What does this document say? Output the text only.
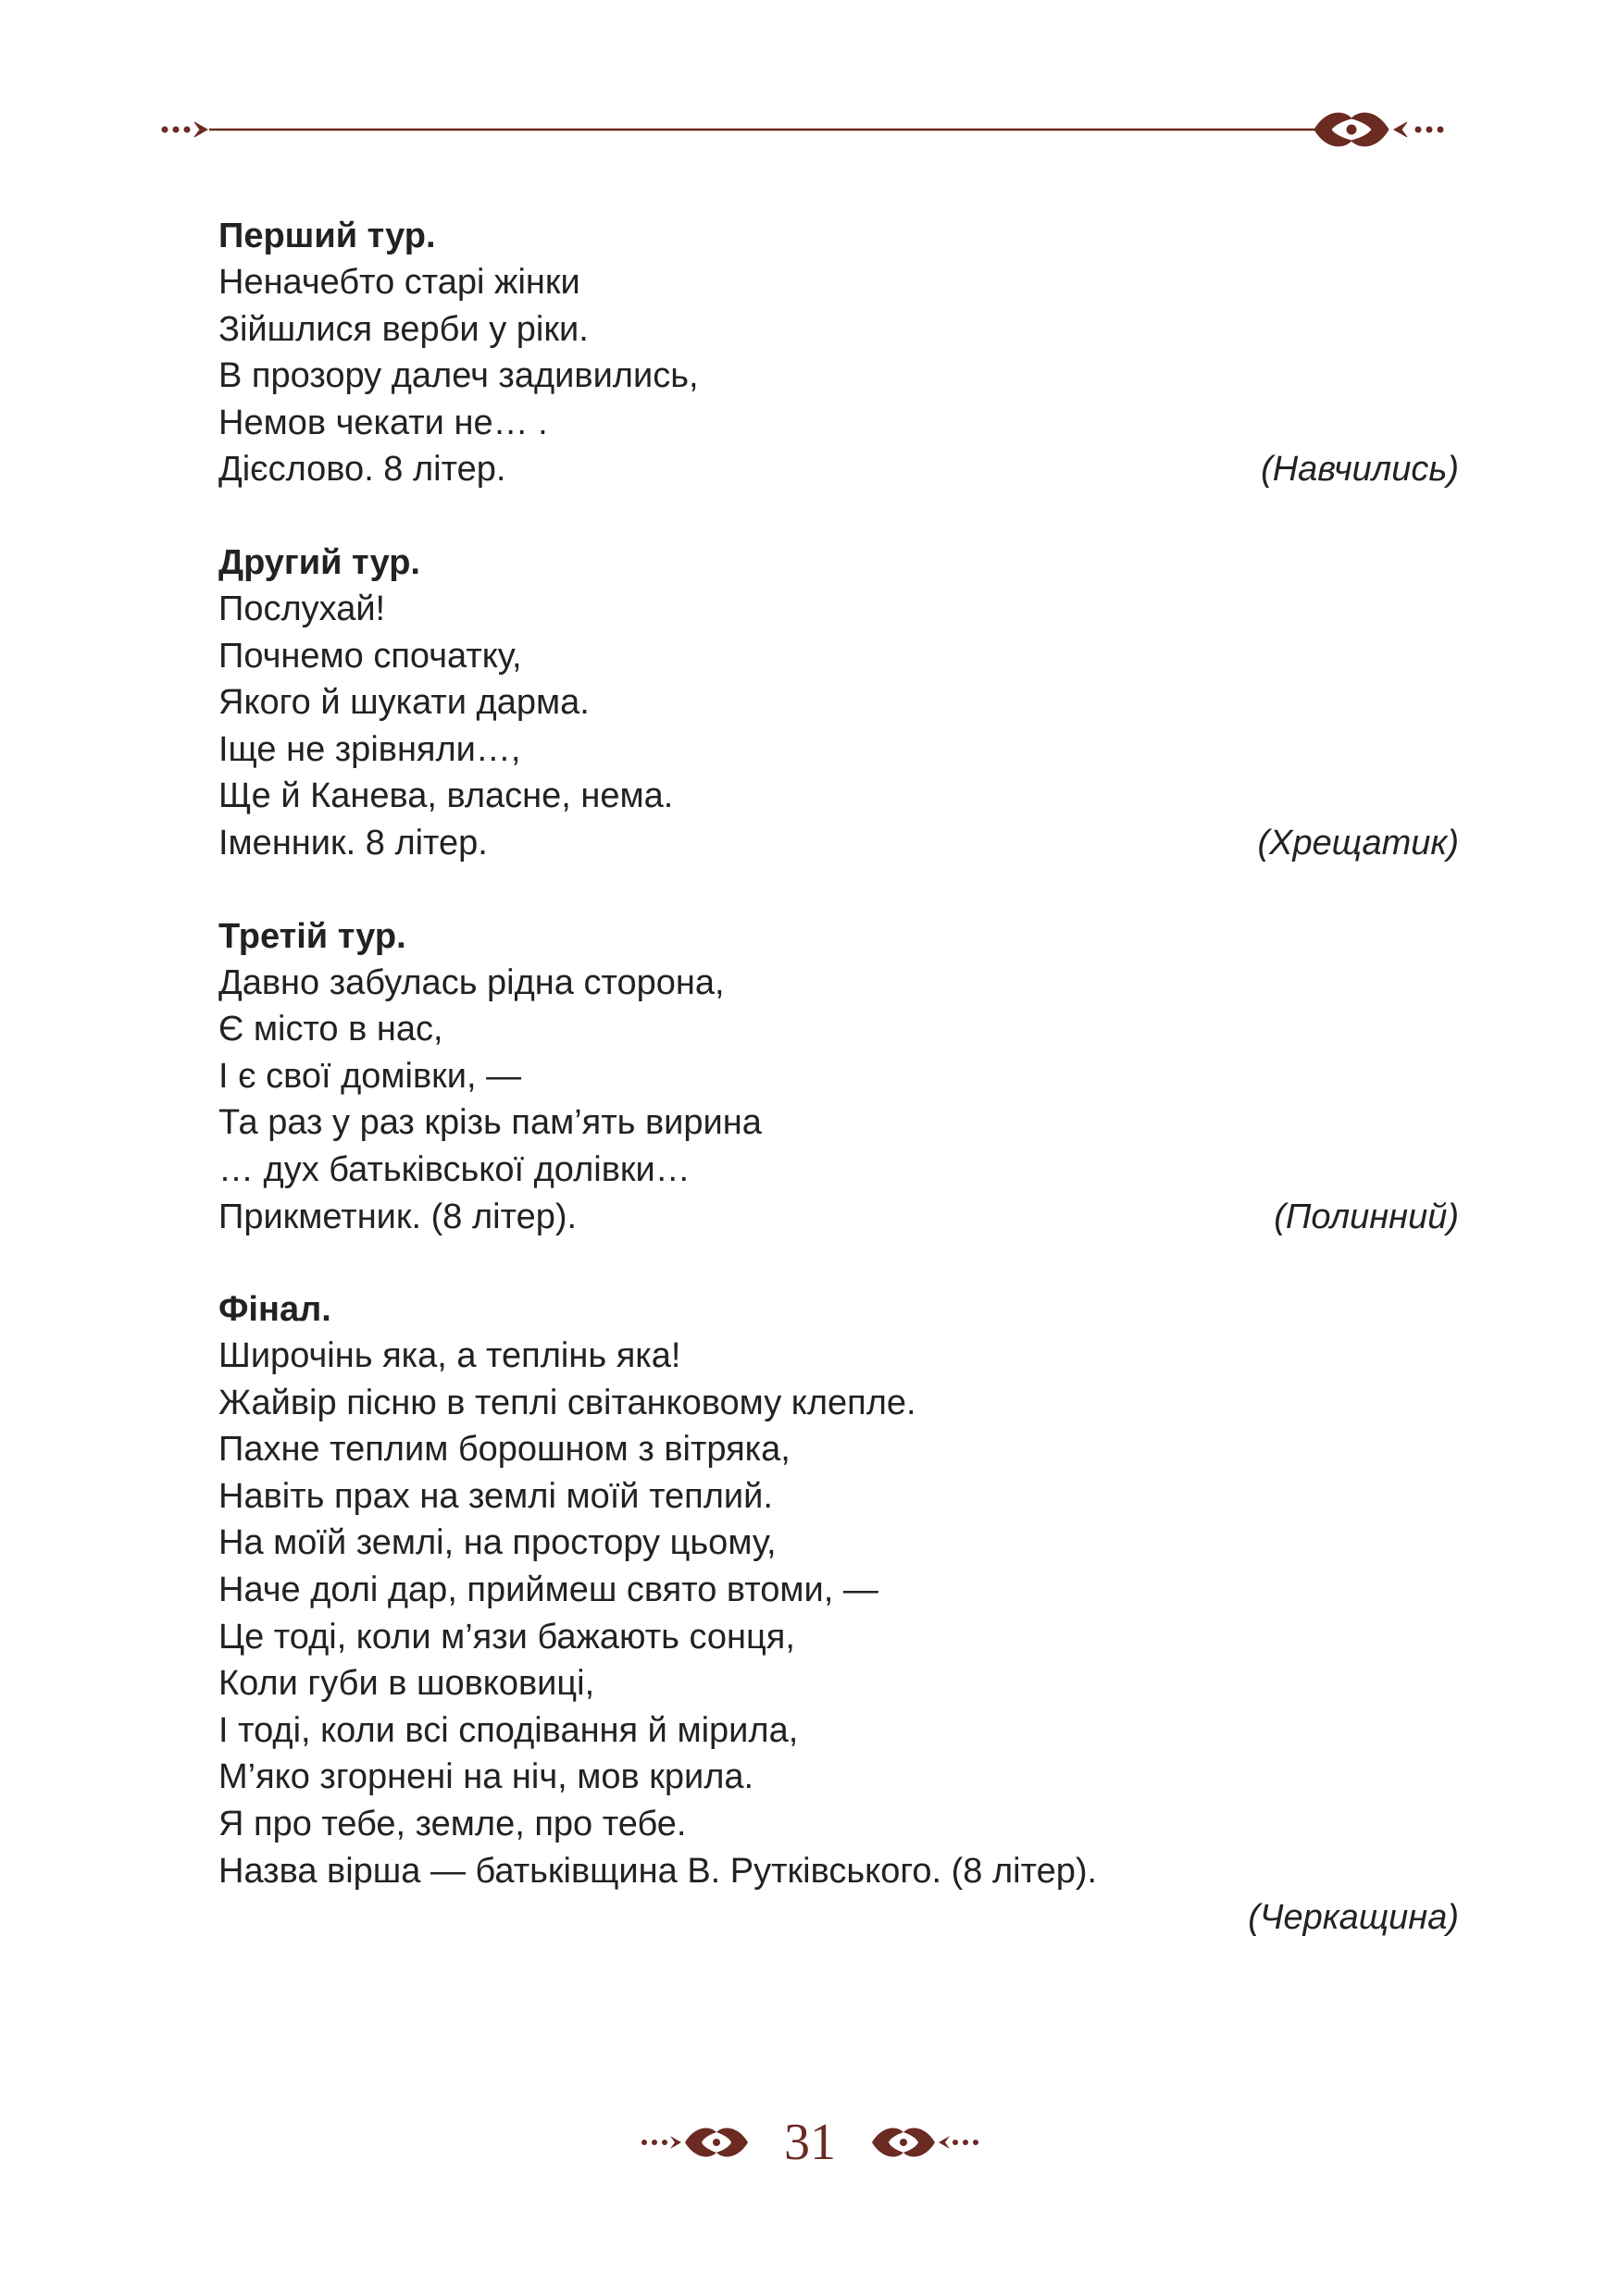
Перший тур.
Неначебто старі жінки
Зійшлися верби у ріки.
В прозору далеч задивились,
Немов чекати не… .
Дієслово. 8 літер.	(Навчились)
Другий тур.
Послухай!
Почнемо спочатку,
Якого й шукати дарма.
Іще не зрівняли…,
Ще й Канева, власне, нема.
Іменник. 8 літер.	(Хрещатик)
Третій тур.
Давно забулась рідна сторона,
Є місто в нас,
І є свої домівки, —
Та раз у раз крізь пам’ять вирина
… дух батьківської долівки…
Прикметник. (8 літер).	(Полинний)
Фінал.
Широчінь яка, а теплінь яка!
Жайвір пісню в теплі світанковому клепле.
Пахне теплим борошном з вітряка,
Навіть прах на землі моїй теплий.
На моїй землі, на простору цьому,
Наче долі дар, приймеш свято втоми, —
Це тоді, коли м’язи бажають сонця,
Коли губи в шовковиці,
І тоді, коли всі сподівання й мірила,
М’яко згорнені на ніч, мов крила.
Я про тебе, земле, про тебе.
Назва вірша — батьківщина В. Рутківського. (8 літер).
(Черкащина)
31
